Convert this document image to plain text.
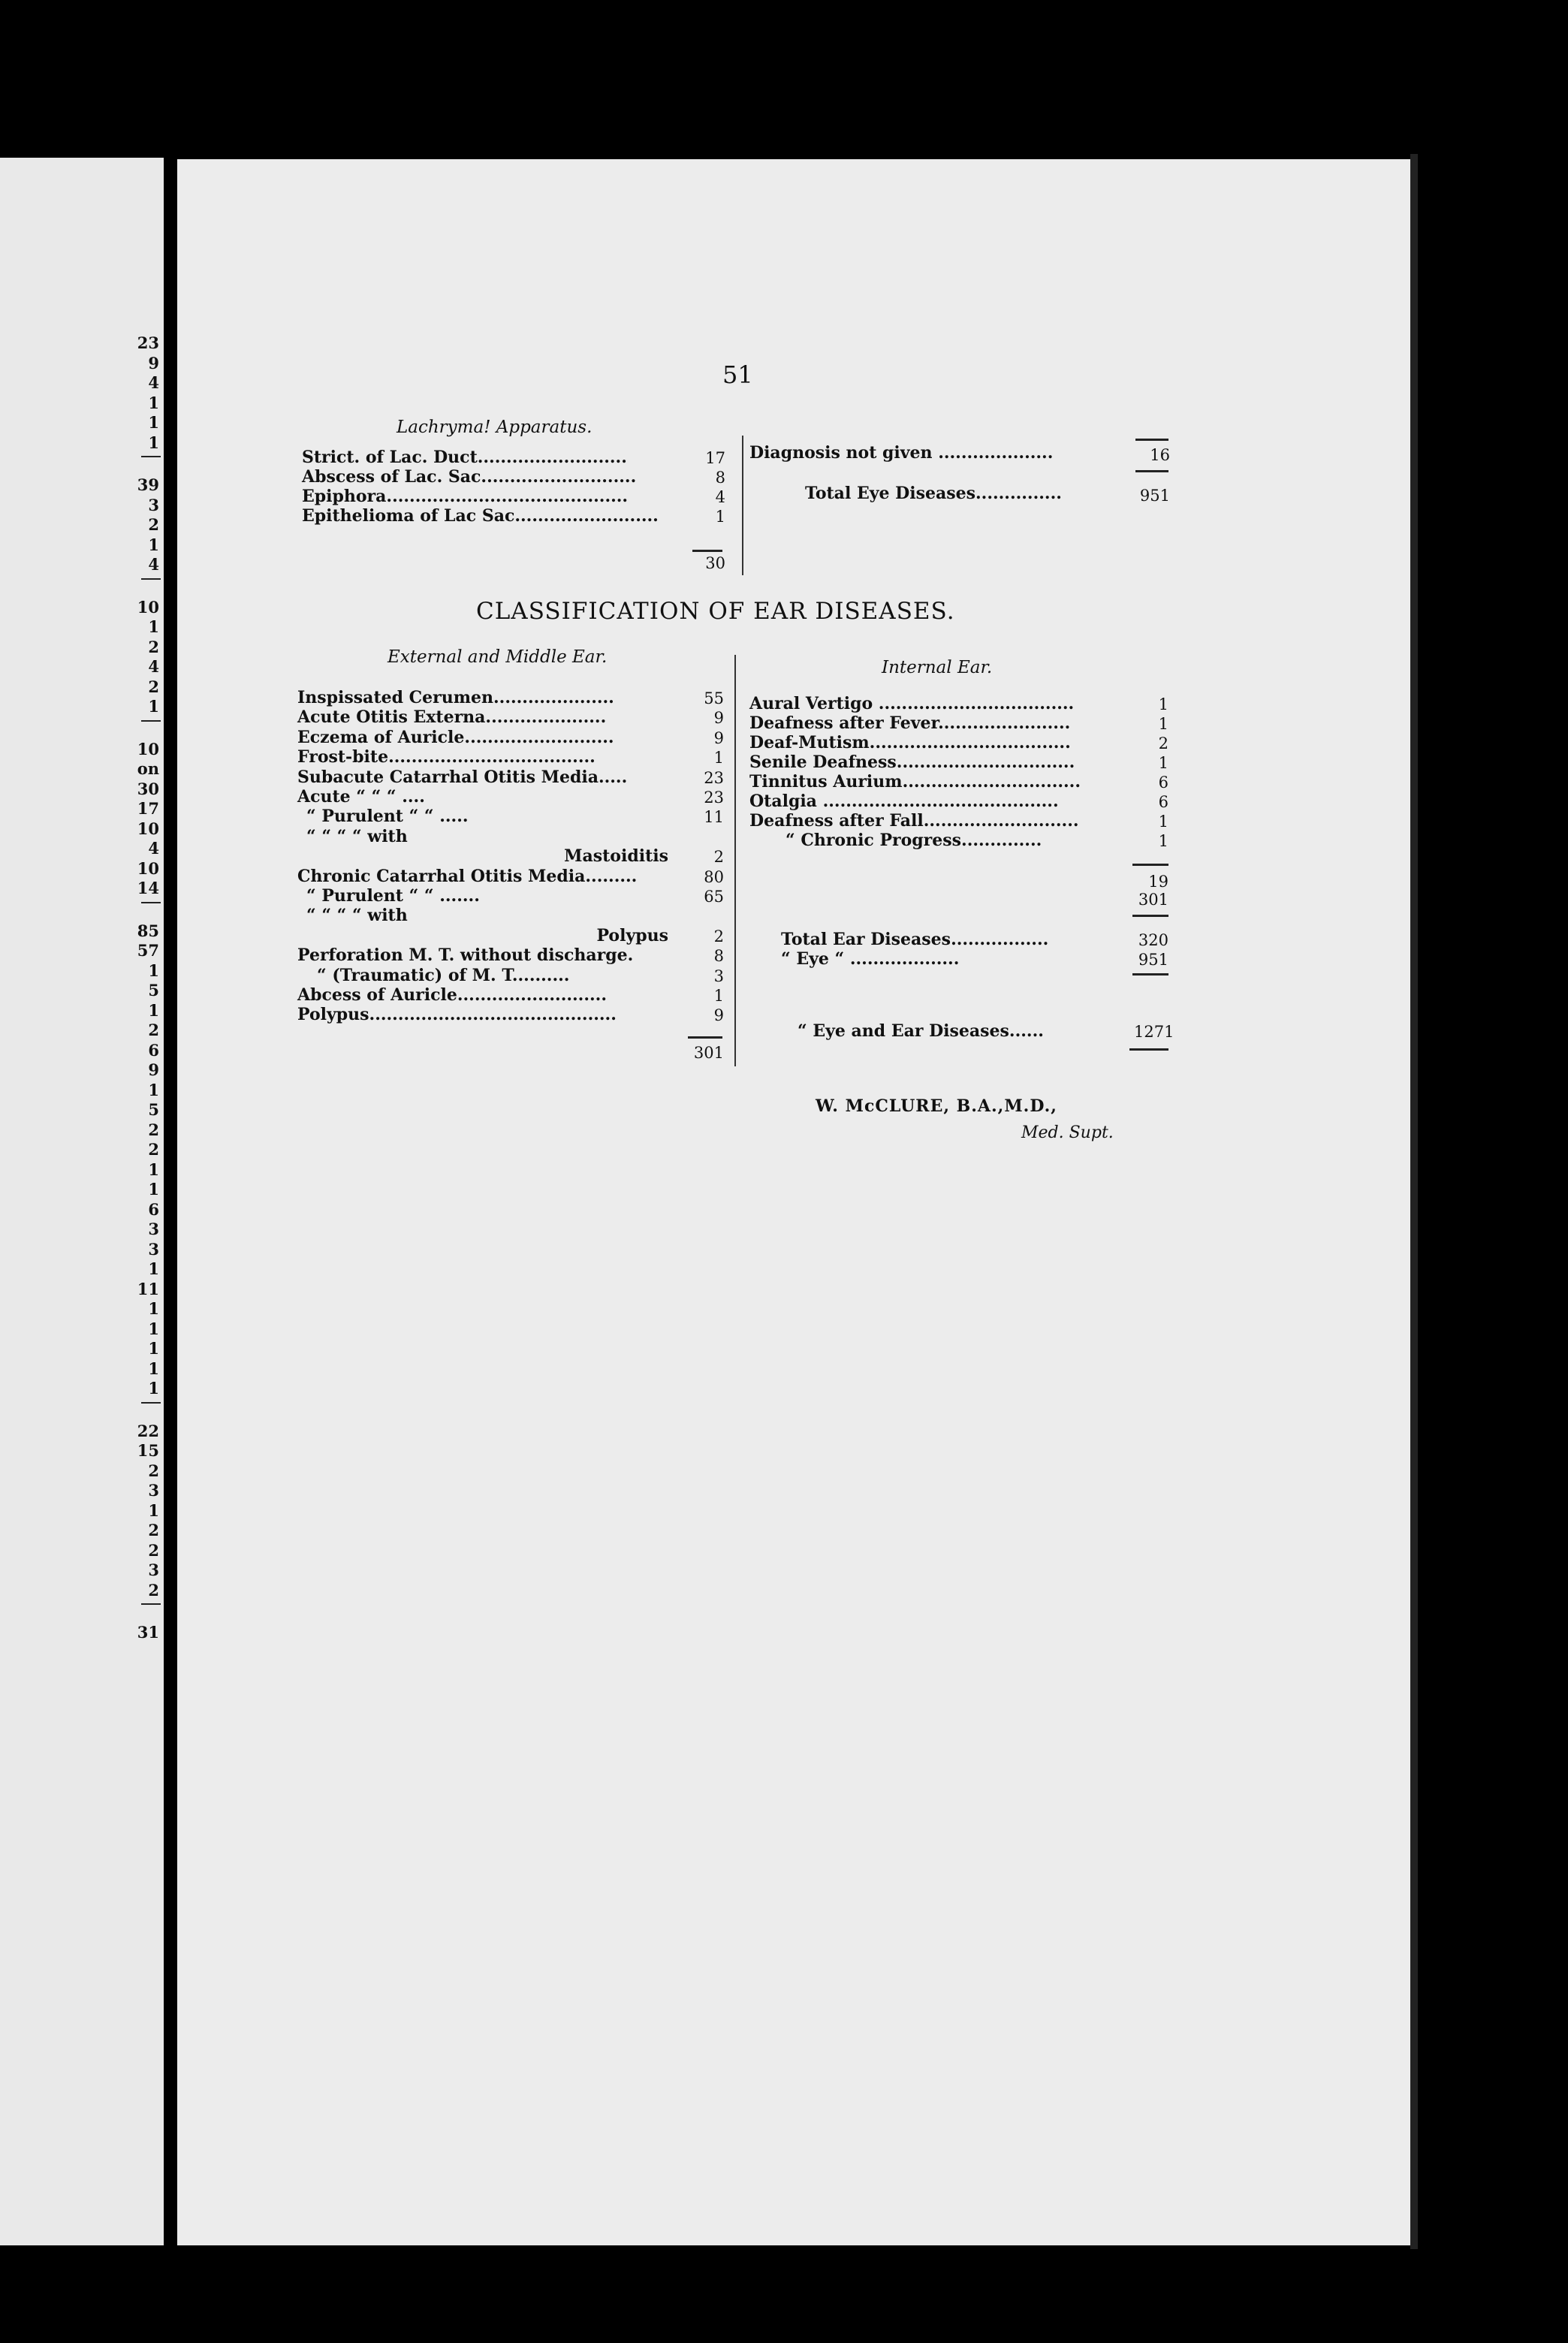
23
9
4
1
1
1
39
3
2
1
4
10
1
2
4
2
1
10
on
30
17
10
4
10
14
85
57
1
5
1
2
6
9
1
5
2
2
1
1
6
3
3
1
11
1
1
1
1
1
22
15
2
3
1
2
2
3
2
31
51
Lachryma! Apparatus.
Strict. of Lac. Duct..........................	17
Abscess of Lac. Sac...........................	8
Epiphora..........................................	4
Epithelioma of Lac Sac.........................	1
30
Diagnosis not given ....................	16
Total Eye Diseases...............	951
CLASSIFICATION OF EAR DISEASES.
External and Middle Ear.
Inspissated Cerumen.....................	55
Acute Otitis Externa.....................	9
Eczema of Auricle..........................	9
Frost-bite....................................	1
Subacute Catarrhal Otitis Media.....	23
Acute “ “ “ ....	23
“ Purulent “ “ .....	11
“ “ “ “ with
Mastoiditis	2
Chronic Catarrhal Otitis Media.........	80
“ Purulent “ “ .......	65
“ “ “ “ with
Polypus	2
Perforation M. T. without discharge.	8
“ (Traumatic) of M. T..........	3
Abcess of Auricle..........................	1
Polypus...........................................	9
301
Internal Ear.
Aural Vertigo ..................................	1
Deafness after Fever.......................	1
Deaf-Mutism...................................	2
Senile Deafness...............................	1
Tinnitus Aurium...............................	6
Otalgia .........................................	6
Deafness after Fall...........................	1
“ Chronic Progress..............	1
19
301
Total Ear Diseases.................	320
“ Eye “ ...................	951
“ Eye and Ear Diseases......	1271
W. McCLURE, B.A.,M.D.,
Med. Supt.
